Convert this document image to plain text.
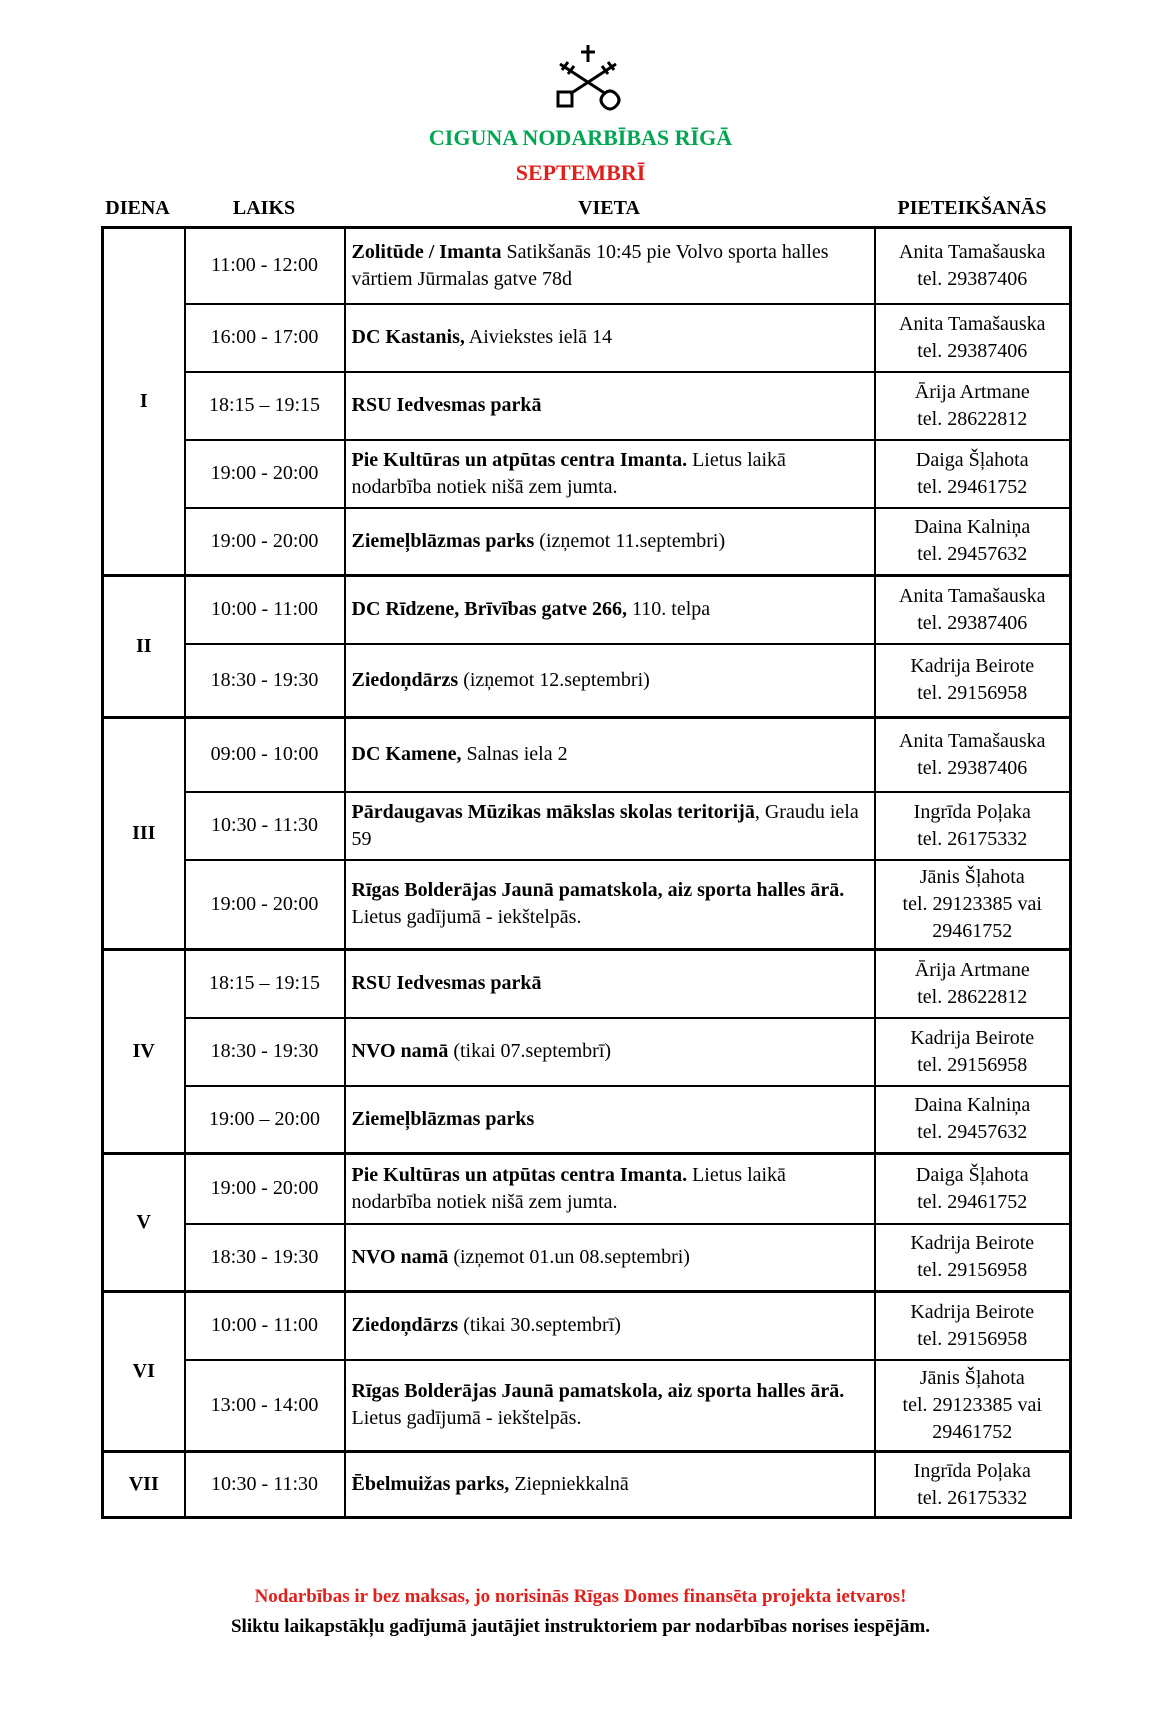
CIGUNA NODARBĪBAS RĪGĀ
SEPTEMBRĪ
DIENA	LAIKS	VIETA	PIETEIKŠANĀS
I	11:00 - 12:00	Zolitūde / Imanta Satikšanās 10:45 pie Volvo sporta halles vārtiem Jūrmalas gatve 78d	Anita Tamašauska
tel. 29387406

	16:00 - 17:00	DC Kastanis, Aiviekstes ielā 14	Anita Tamašauska
tel. 29387406

	18:15 – 19:15	RSU Iedvesmas parkā	Ārija Artmane
tel. 28622812

	19:00 - 20:00	Pie Kultūras un atpūtas centra Imanta. Lietus laikā nodarbība notiek nišā zem jumta.	Daiga Šļahota
tel. 29461752

	19:00 - 20:00	Ziemeļblāzmas parks (izņemot 11.septembri)	Daina Kalniņa
tel. 29457632

II	10:00 - 11:00	DC Rīdzene, Brīvības gatve 266, 110. telpa	Anita Tamašauska
tel. 29387406

	18:30 - 19:30	Ziedoņdārzs (izņemot 12.septembri)	Kadrija Beirote
tel. 29156958

III	09:00 - 10:00	DC Kamene, Salnas iela 2	Anita Tamašauska
tel. 29387406

	10:30 - 11:30	Pārdaugavas Mūzikas mākslas skolas teritorijā, Graudu iela 59	Ingrīda Poļaka
tel. 26175332

	19:00 - 20:00	Rīgas Bolderājas Jaunā pamatskola, aiz sporta halles ārā. Lietus gadījumā - iekštelpās.	Jānis Šļahota
tel. 29123385 vai 29461752

IV	18:15 – 19:15	RSU Iedvesmas parkā	Ārija Artmane
tel. 28622812

	18:30 - 19:30	NVO namā (tikai 07.septembrī)	Kadrija Beirote
tel. 29156958

	19:00 – 20:00	Ziemeļblāzmas parks	Daina Kalniņa
tel. 29457632

V	19:00 - 20:00	Pie Kultūras un atpūtas centra Imanta. Lietus laikā nodarbība notiek nišā zem jumta.	Daiga Šļahota
tel. 29461752

	18:30 - 19:30	NVO namā (izņemot 01.un 08.septembri)	Kadrija Beirote
tel. 29156958

VI	10:00 - 11:00	Ziedoņdārzs (tikai 30.septembrī)	Kadrija Beirote
tel. 29156958

	13:00 - 14:00	Rīgas Bolderājas Jaunā pamatskola, aiz sporta halles ārā. Lietus gadījumā - iekštelpās.	Jānis Šļahota
tel. 29123385 vai 29461752

VII	10:30 - 11:30	Ēbelmuižas parks, Ziepniekkalnā	Ingrīda Poļaka
tel. 26175332
Nodarbības ir bez maksas, jo norisinās Rīgas Domes finansēta projekta ietvaros!
Sliktu laikapstākļu gadījumā jautājiet instruktoriem par nodarbības norises iespējām.
